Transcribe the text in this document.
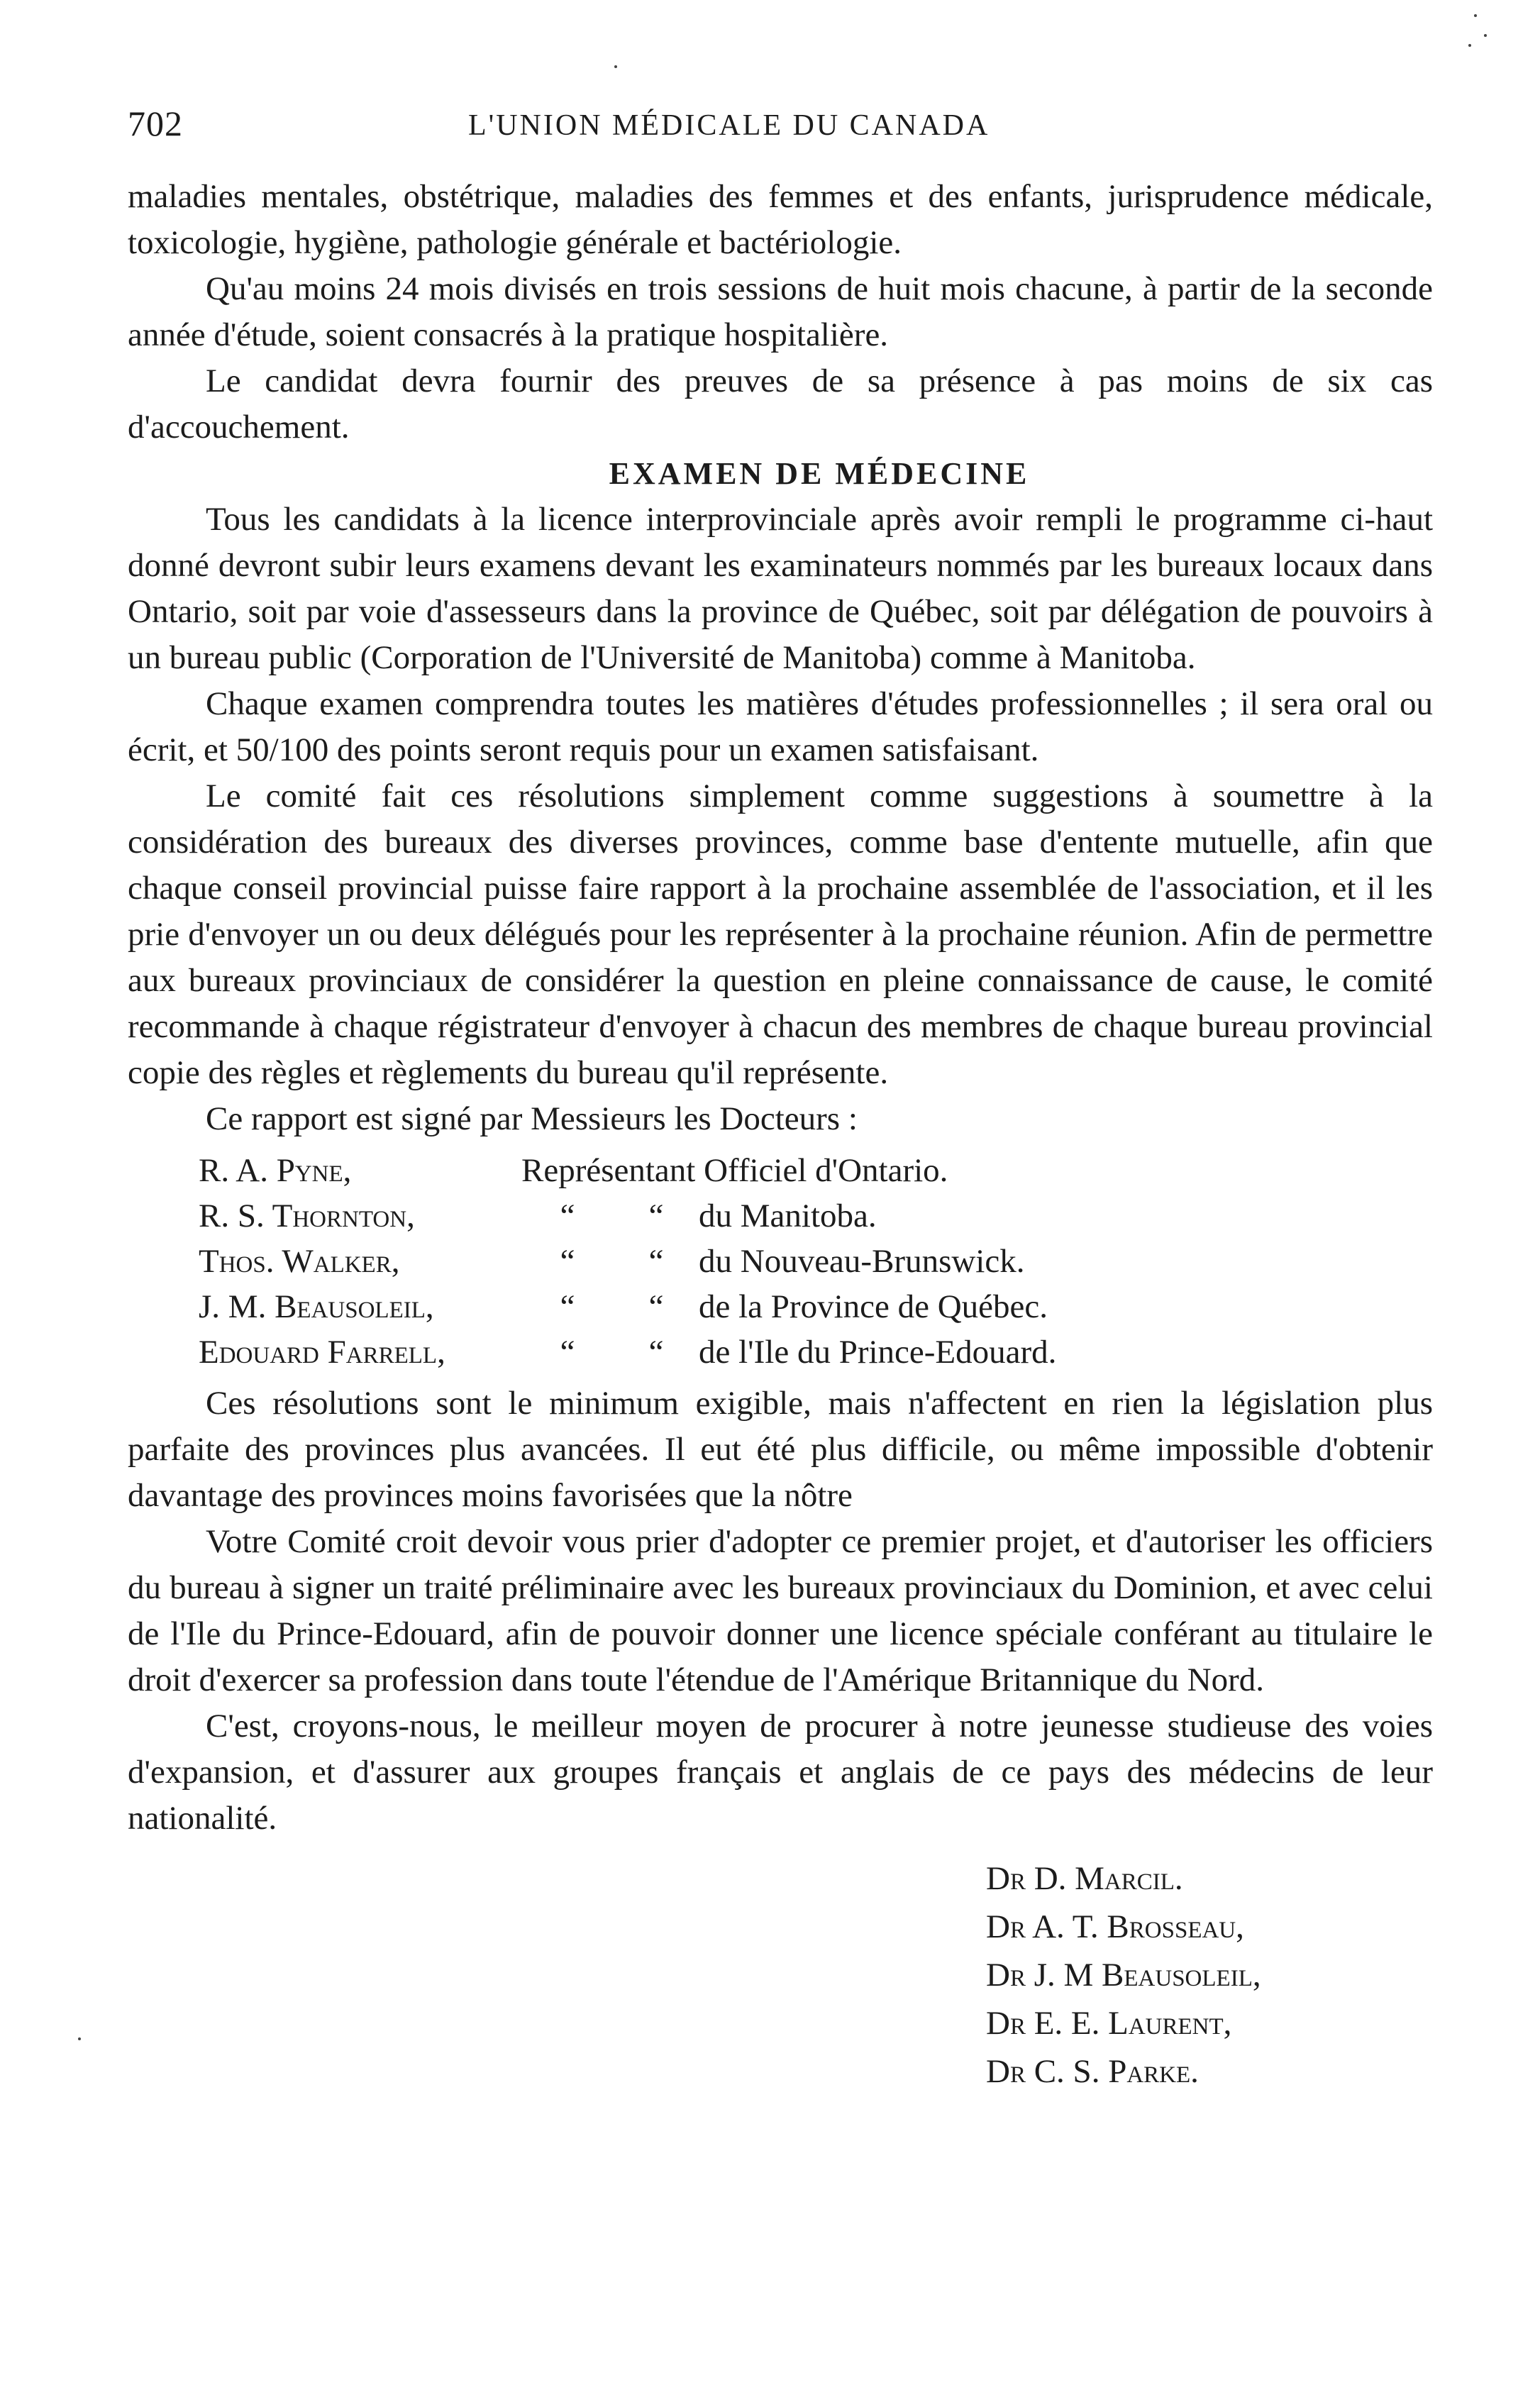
702	L'UNION MÉDICALE DU CANADA

maladies mentales, obstétrique, maladies des femmes et des enfants, jurisprudence médicale, toxicologie, hygiène, pathologie générale et bactériologie.

Qu'au moins 24 mois divisés en trois sessions de huit mois chacune, à partir de la seconde année d'étude, soient consacrés à la pratique hospitalière.

Le candidat devra fournir des preuves de sa présence à pas moins de six cas d'accouchement.

EXAMEN DE MÉDECINE

Tous les candidats à la licence interprovinciale après avoir rempli le programme ci-haut donné devront subir leurs examens devant les examinateurs nommés par les bureaux locaux dans Ontario, soit par voie d'assesseurs dans la province de Québec, soit par délégation de pouvoirs à un bureau public (Corporation de l'Université de Manitoba) comme à Manitoba.

Chaque examen comprendra toutes les matières d'études professionnelles ; il sera oral ou écrit, et 50/100 des points seront requis pour un examen satisfaisant.

Le comité fait ces résolutions simplement comme suggestions à soumettre à la considération des bureaux des diverses provinces, comme base d'entente mutuelle, afin que chaque conseil provincial puisse faire rapport à la prochaine assemblée de l'association, et il les prie d'envoyer un ou deux délégués pour les représenter à la prochaine réunion. Afin de permettre aux bureaux provinciaux de considérer la question en pleine connaissance de cause, le comité recommande à chaque régistrateur d'envoyer à chacun des membres de chaque bureau provincial copie des règles et règlements du bureau qu'il représente.

Ce rapport est signé par Messieurs les Docteurs :

R. A. Pyne,	Représentant Officiel d'Ontario.
R. S. Thornton,	“	“	du Manitoba.
Thos. Walker,	“	“	du Nouveau-Brunswick.
J. M. Beausoleil,	“	“	de la Province de Québec.
Edouard Farrell,	“	“	de l'Ile du Prince-Edouard.

Ces résolutions sont le minimum exigible, mais n'affectent en rien la législation plus parfaite des provinces plus avancées. Il eut été plus difficile, ou même impossible d'obtenir davantage des provinces moins favorisées que la nôtre

Votre Comité croit devoir vous prier d'adopter ce premier projet, et d'autoriser les officiers du bureau à signer un traité préliminaire avec les bureaux provinciaux du Dominion, et avec celui de l'Ile du Prince-Edouard, afin de pouvoir donner une licence spéciale conférant au titulaire le droit d'exercer sa profession dans toute l'étendue de l'Amérique Britannique du Nord.

C'est, croyons-nous, le meilleur moyen de procurer à notre jeunesse studieuse des voies d'expansion, et d'assurer aux groupes français et anglais de ce pays des médecins de leur nationalité.

Dr D. Marcil.
Dr A. T. Brosseau,
Dr J. M Beausoleil,
Dr E. E. Laurent,
Dr C. S. Parke.
